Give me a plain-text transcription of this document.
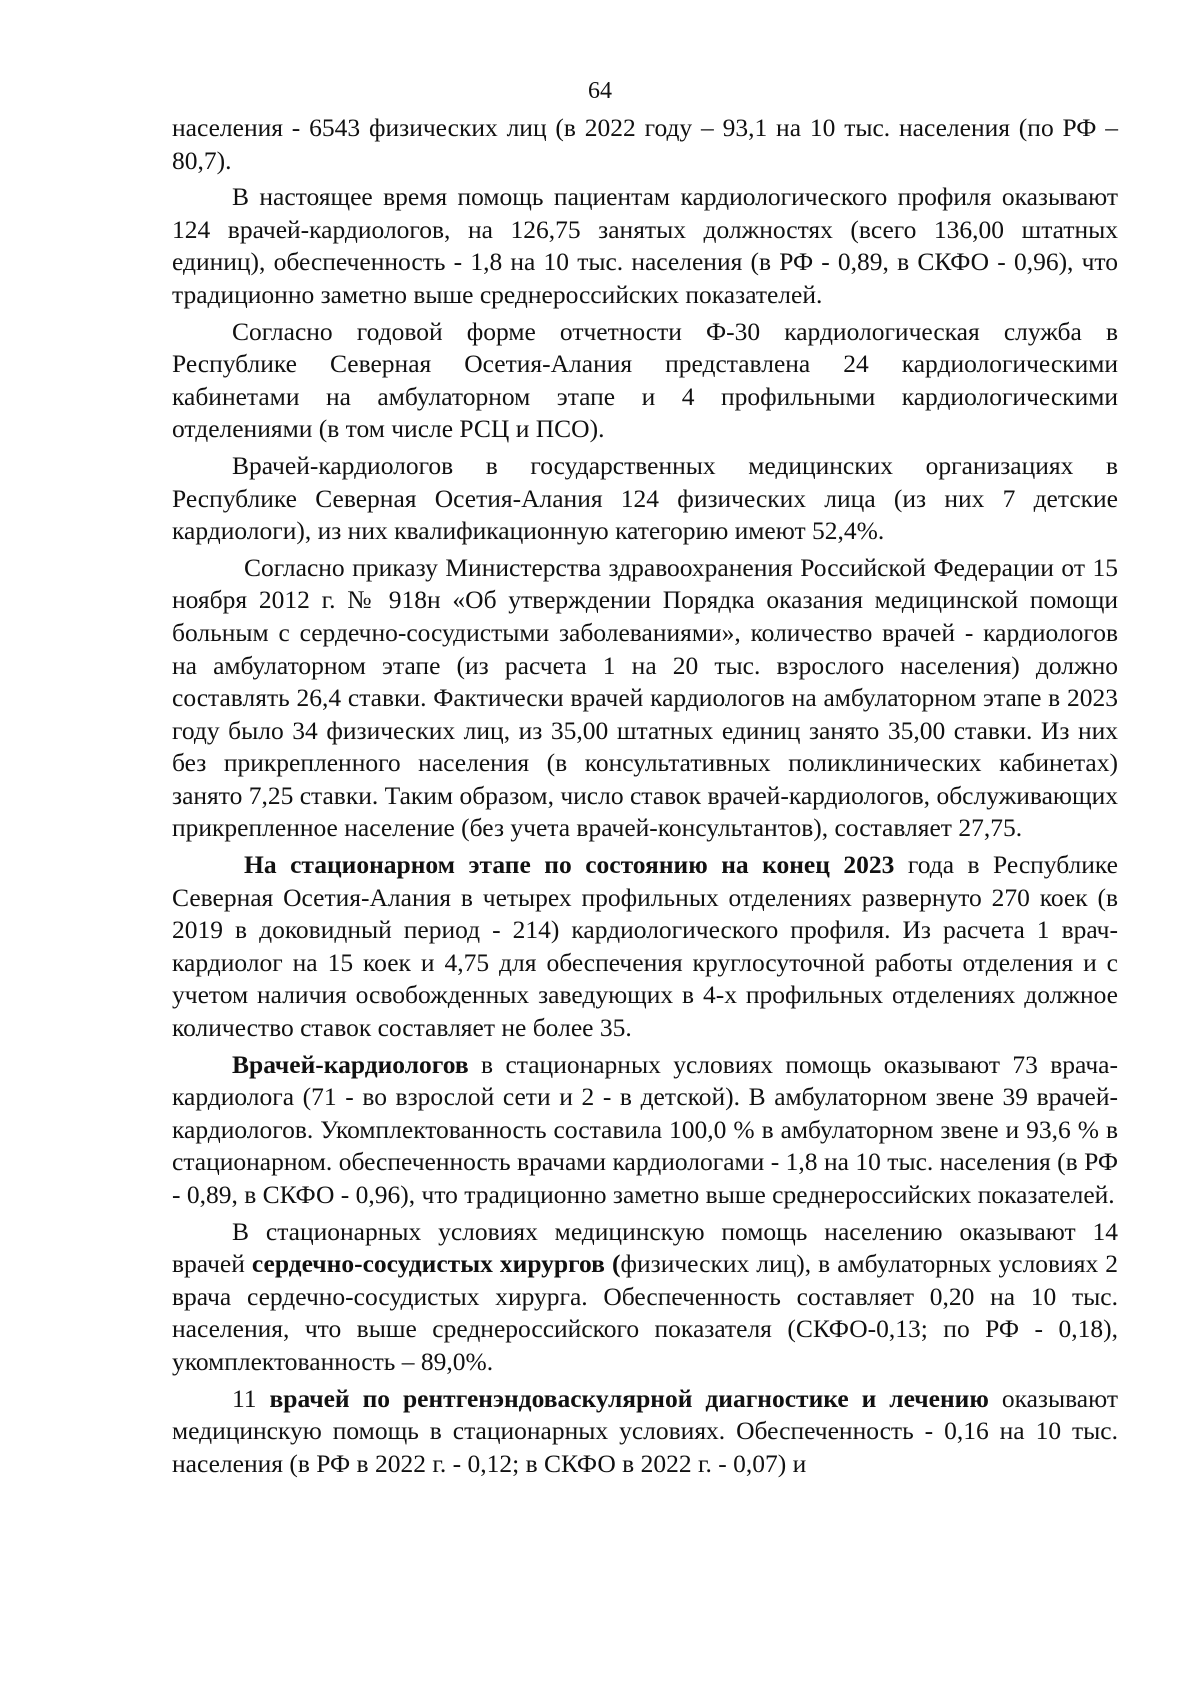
64

населения - 6543 физических лиц (в 2022 году – 93,1 на 10 тыс. населения (по РФ – 80,7).

В настоящее время помощь пациентам кардиологического профиля оказывают 124 врачей-кардиологов, на 126,75 занятых должностях (всего 136,00 штатных единиц), обеспеченность - 1,8 на 10 тыс. населения (в РФ - 0,89, в СКФО - 0,96), что традиционно заметно выше среднероссийских показателей.

Согласно годовой форме отчетности Ф-30 кардиологическая служба в Республике Северная Осетия-Алания представлена 24 кардиологическими кабинетами на амбулаторном этапе и 4 профильными кардиологическими отделениями (в том числе РСЦ и ПСО).

Врачей-кардиологов в государственных медицинских организациях в Республике Северная Осетия-Алания 124 физических лица (из них 7 детские кардиологи), из них квалификационную категорию имеют 52,4%.

Согласно приказу Министерства здравоохранения Российской Федерации от 15 ноября 2012 г. № 918н «Об утверждении Порядка оказания медицинской помощи больным с сердечно-сосудистыми заболеваниями», количество врачей - кардиологов на амбулаторном этапе (из расчета 1 на 20 тыс. взрослого населения) должно составлять 26,4 ставки. Фактически врачей кардиологов на амбулаторном этапе в 2023 году было 34 физических лиц, из 35,00 штатных единиц занято 35,00 ставки. Из них без прикрепленного населения (в консультативных поликлинических кабинетах) занято 7,25 ставки. Таким образом, число ставок врачей-кардиологов, обслуживающих прикрепленное население (без учета врачей-консультантов), составляет 27,75.

На стационарном этапе по состоянию на конец 2023 года в Республике Северная Осетия-Алания в четырех профильных отделениях развернуто 270 коек (в 2019 в доковидный период - 214) кардиологического профиля. Из расчета 1 врач-кардиолог на 15 коек и 4,75 для обеспечения круглосуточной работы отделения и с учетом наличия освобожденных заведующих в 4-х профильных отделениях должное количество ставок составляет не более 35.

Врачей-кардиологов в стационарных условиях помощь оказывают 73 врача-кардиолога (71 - во взрослой сети и 2 - в детской). В амбулаторном звене 39 врачей-кардиологов. Укомплектованность составила 100,0 % в амбулаторном звене и 93,6 % в стационарном. обеспеченность врачами кардиологами - 1,8 на 10 тыс. населения (в РФ - 0,89, в СКФО - 0,96), что традиционно заметно выше среднероссийских показателей.

В стационарных условиях медицинскую помощь населению оказывают 14 врачей сердечно-сосудистых хирургов (физических лиц), в амбулаторных условиях 2 врача сердечно-сосудистых хирурга. Обеспеченность составляет 0,20 на 10 тыс. населения, что выше среднероссийского показателя (СКФО-0,13; по РФ - 0,18), укомплектованность – 89,0%.

11 врачей по рентгенэндоваскулярной диагностике и лечению оказывают медицинскую помощь в стационарных условиях. Обеспеченность - 0,16 на 10 тыс. населения (в РФ в 2022 г. - 0,12; в СКФО в 2022 г. - 0,07) и
